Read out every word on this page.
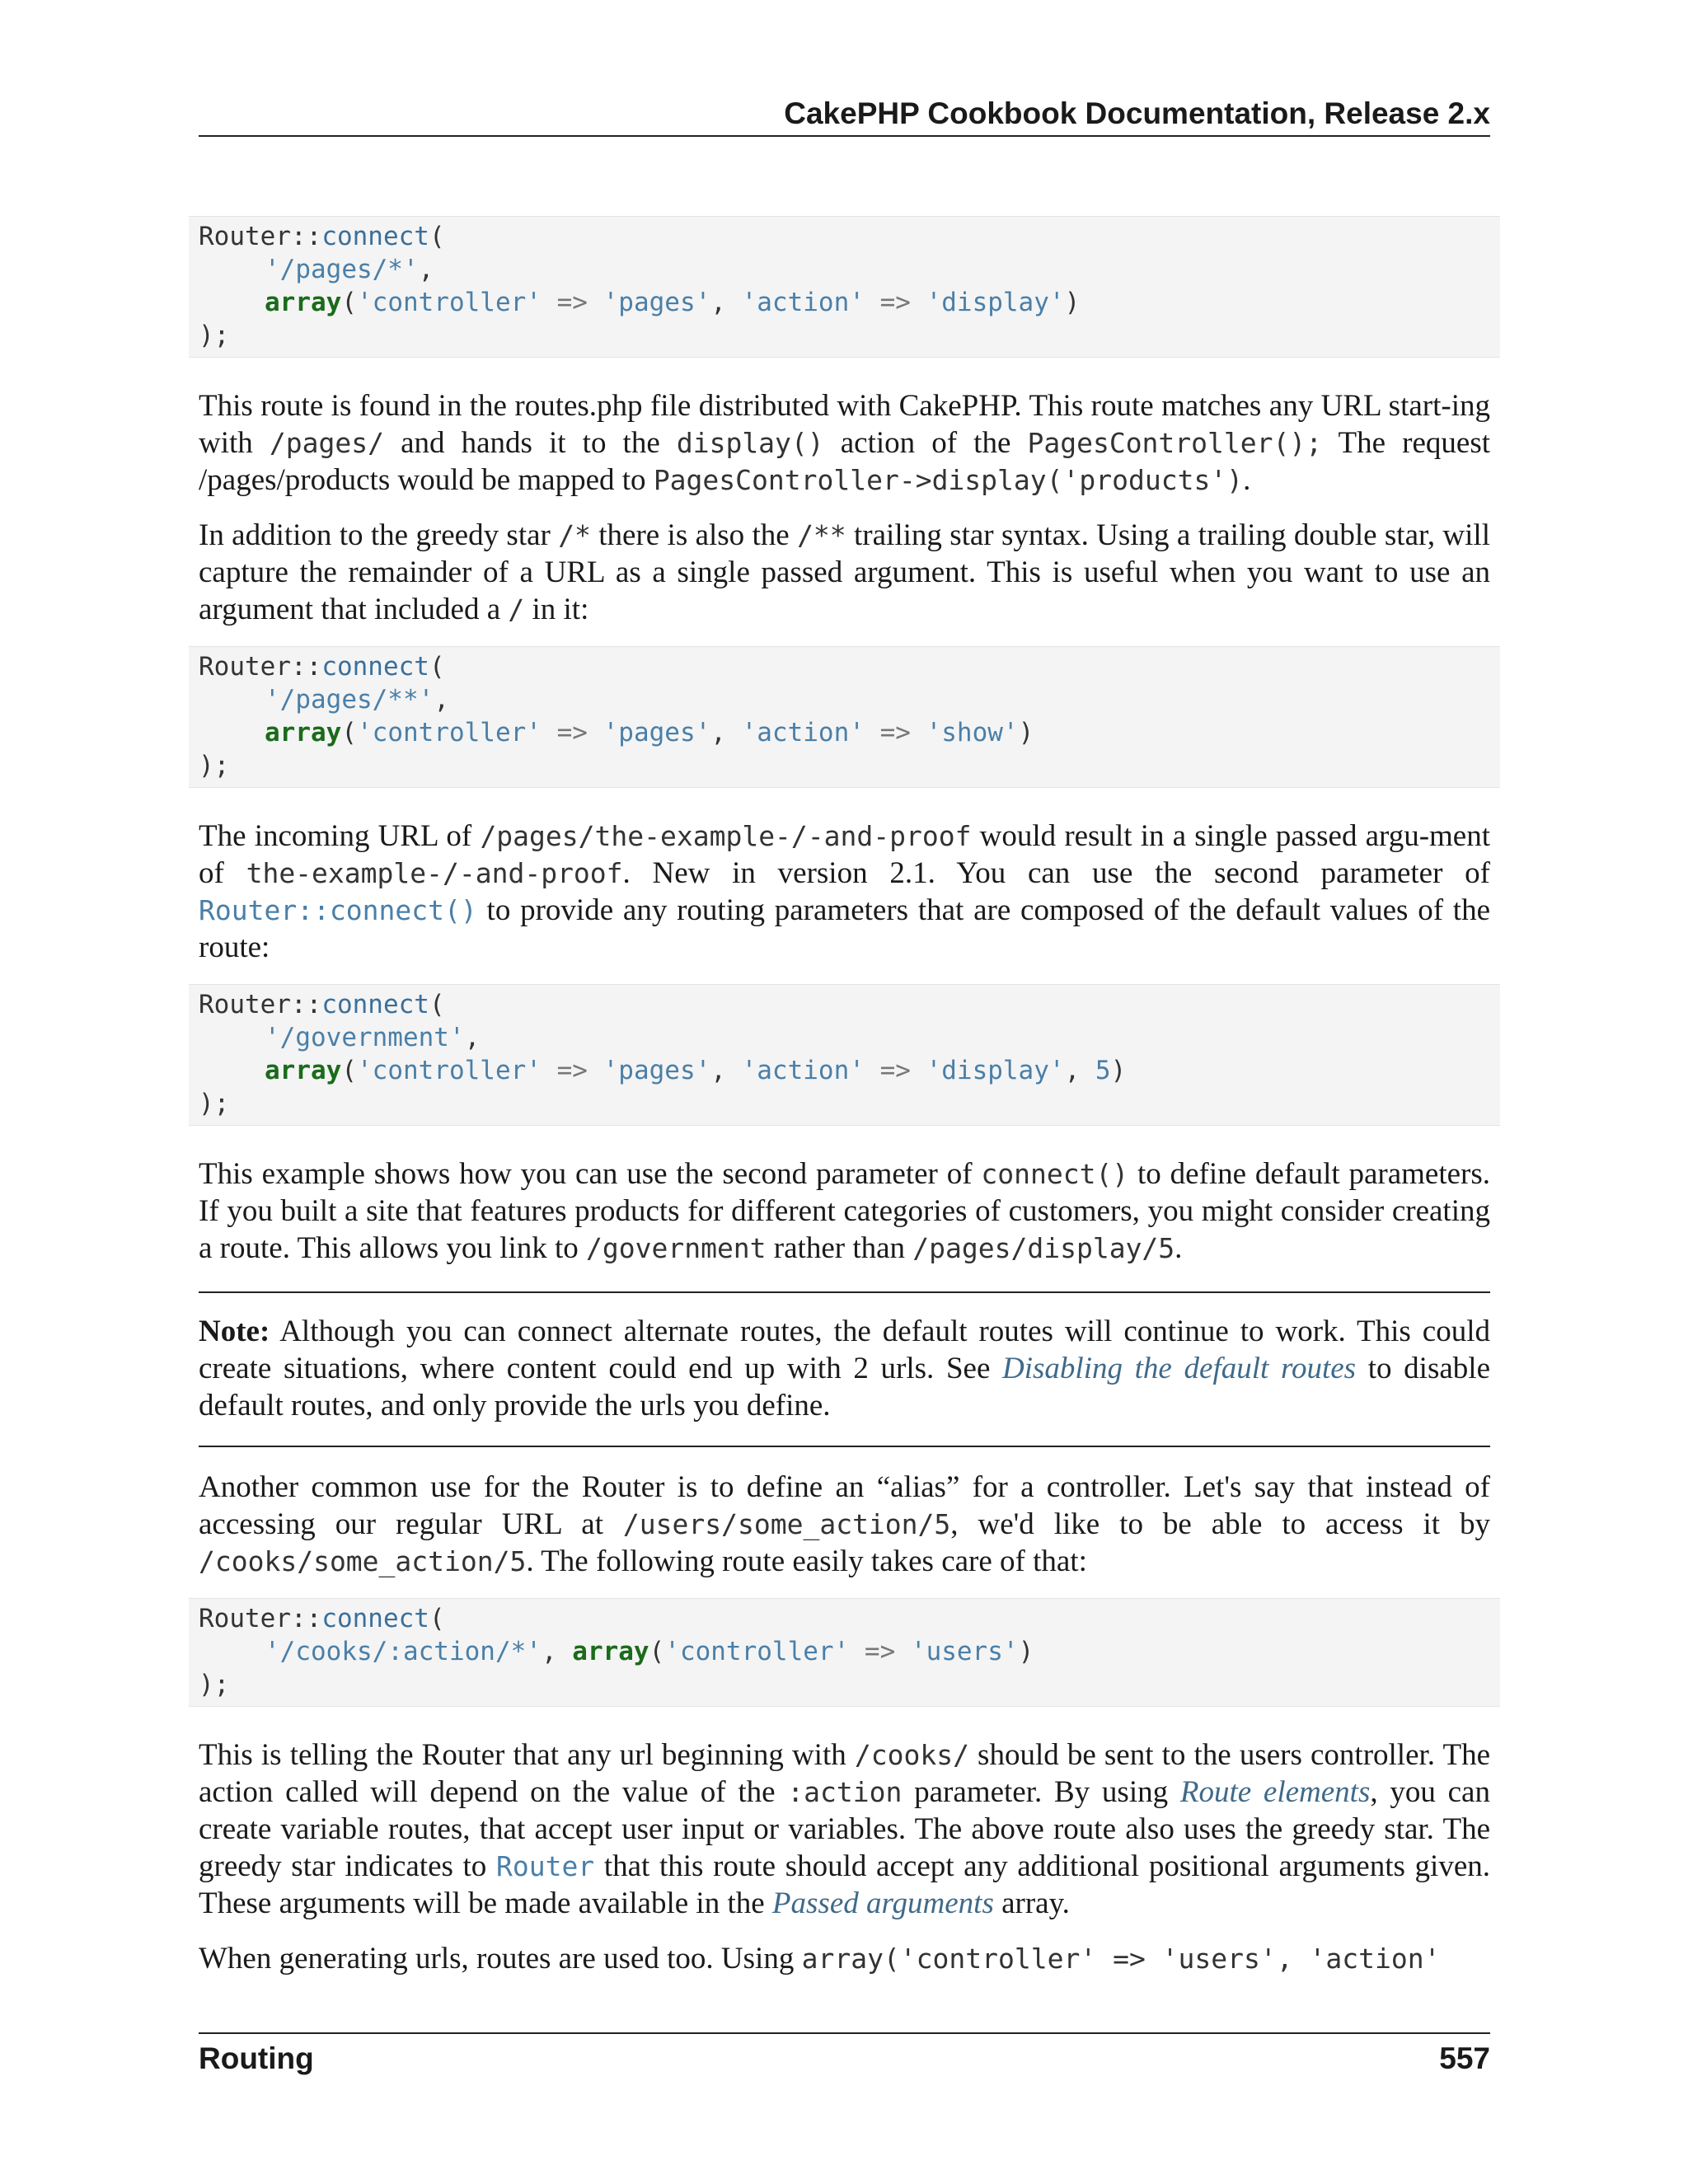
CakePHP Cookbook Documentation, Release 2.x
Router::connect(
'/pages/*',
array('controller' => 'pages', 'action' => 'display')
);

This route is found in the routes.php file distributed with CakePHP. This route matches any URL start-ing with /pages/ and hands it to the display() action of the PagesController(); The request /pages/products would be mapped to PagesController->display('products').

In addition to the greedy star /* there is also the /** trailing star syntax. Using a trailing double star, will capture the remainder of a URL as a single passed argument. This is useful when you want to use an argument that included a / in it:

Router::connect(
'/pages/**',
array('controller' => 'pages', 'action' => 'show')
);

The incoming URL of /pages/the-example-/-and-proof would result in a single passed argu-ment of the-example-/-and-proof. New in version 2.1. You can use the second parameter of Router::connect() to provide any routing parameters that are composed of the default values of the route:

Router::connect(
'/government',
array('controller' => 'pages', 'action' => 'display', 5)
);

This example shows how you can use the second parameter of connect() to define default parameters. If you built a site that features products for different categories of customers, you might consider creating a route. This allows you link to /government rather than /pages/display/5.

Note: Although you can connect alternate routes, the default routes will continue to work. This could create situations, where content could end up with 2 urls. See Disabling the default routes to disable default routes, and only provide the urls you define.

Another common use for the Router is to define an “alias” for a controller. Let's say that instead of accessing our regular URL at /users/some_action/5, we'd like to be able to access it by /cooks/some_action/5. The following route easily takes care of that:

Router::connect(
'/cooks/:action/*', array('controller' => 'users')
);

This is telling the Router that any url beginning with /cooks/ should be sent to the users controller. The action called will depend on the value of the :action parameter. By using Route elements, you can create variable routes, that accept user input or variables. The above route also uses the greedy star. The greedy star indicates to Router that this route should accept any additional positional arguments given. These arguments will be made available in the Passed arguments array.

When generating urls, routes are used too. Using array('controller' => 'users', 'action'

Routing	557
